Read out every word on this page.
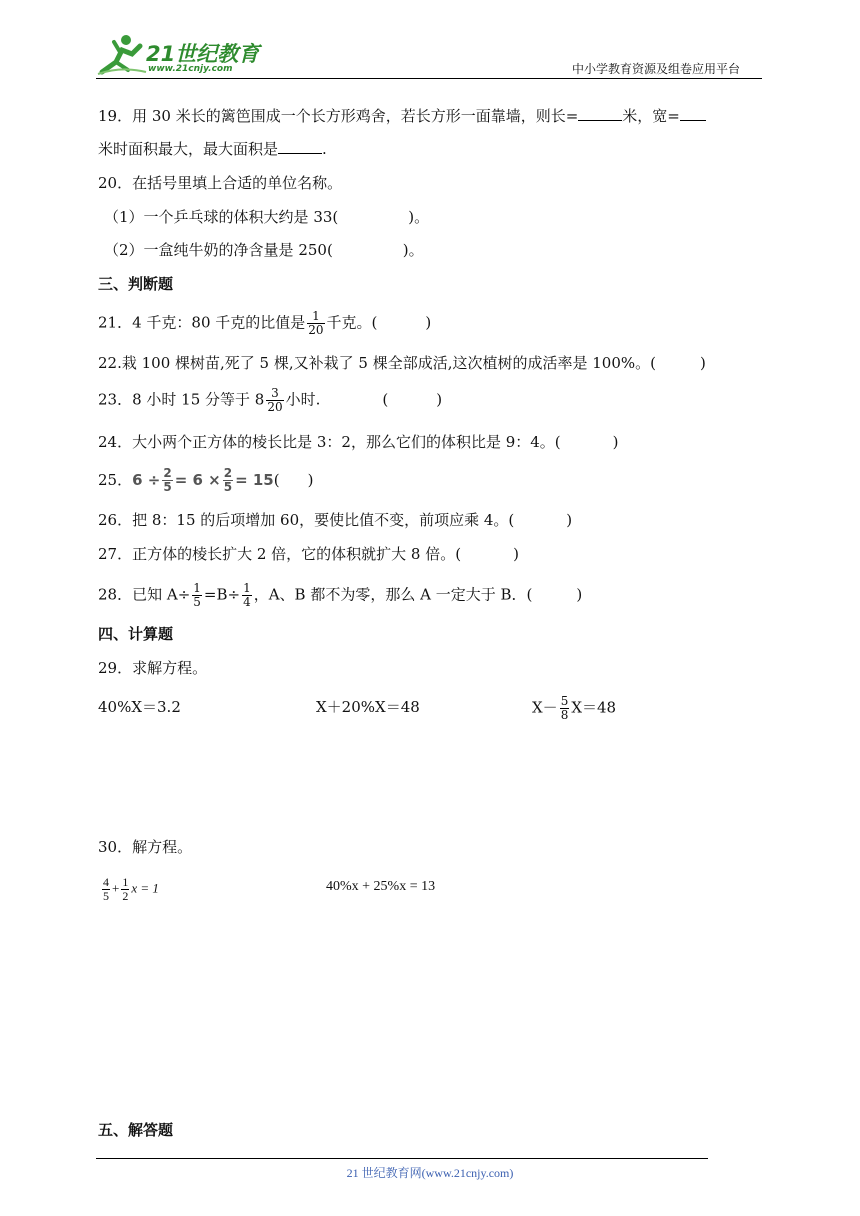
21世纪教育
www.21cnjy.com	中小学教育资源及组卷应用平台
19．用 30 米长的篱笆围成一个长方形鸡舍，若长方形一面靠墙，则长=	米，宽=
米时面积最大，最大面积是	.
20．在括号里填上合适的单位名称。
（1）一个乒乓球的体积大约是 33(	)。
（2）一盒纯牛奶的净含量是 250(	)。
三、判断题
21．4 千克：80 千克的比值是 $\frac{1}{20}$ 千克。(	)
22.栽 100 棵树苗,死了 5 棵,又补栽了 5 棵全部成活,这次植树的成活率是 100%。(	)
23．8 小时 15 分等于 $8 \frac{3}{20}$ 小时.	(	)
24．大小两个正方体的棱长比是 3：2，那么它们的体积比是 9：4。(	)
25．$6 \div \frac{2}{5} = 6 \times \frac{2}{5} = 15$( )
26．把 8：15 的后项增加 60，要使比值不变，前项应乘 4。(	)
27．正方体的棱长扩大 2 倍，它的体积就扩大 8 倍。(	)
28．已知 $A\div \frac{1}{5} =B\div \frac{1}{4}$ ，A、B 都不为零，那么 A 一定大于 B．(	)
四、计算题
29．求解方程。
40%X＝3.2	X＋20%X＝48	$X- \frac{5}{8} X=48$
30．解方程。
$\frac{4}{5} + \frac{1}{2}$ x = 1	40%x + 25%x = 13
五、解答题
21 世纪教育网(www.21cnjy.com)
